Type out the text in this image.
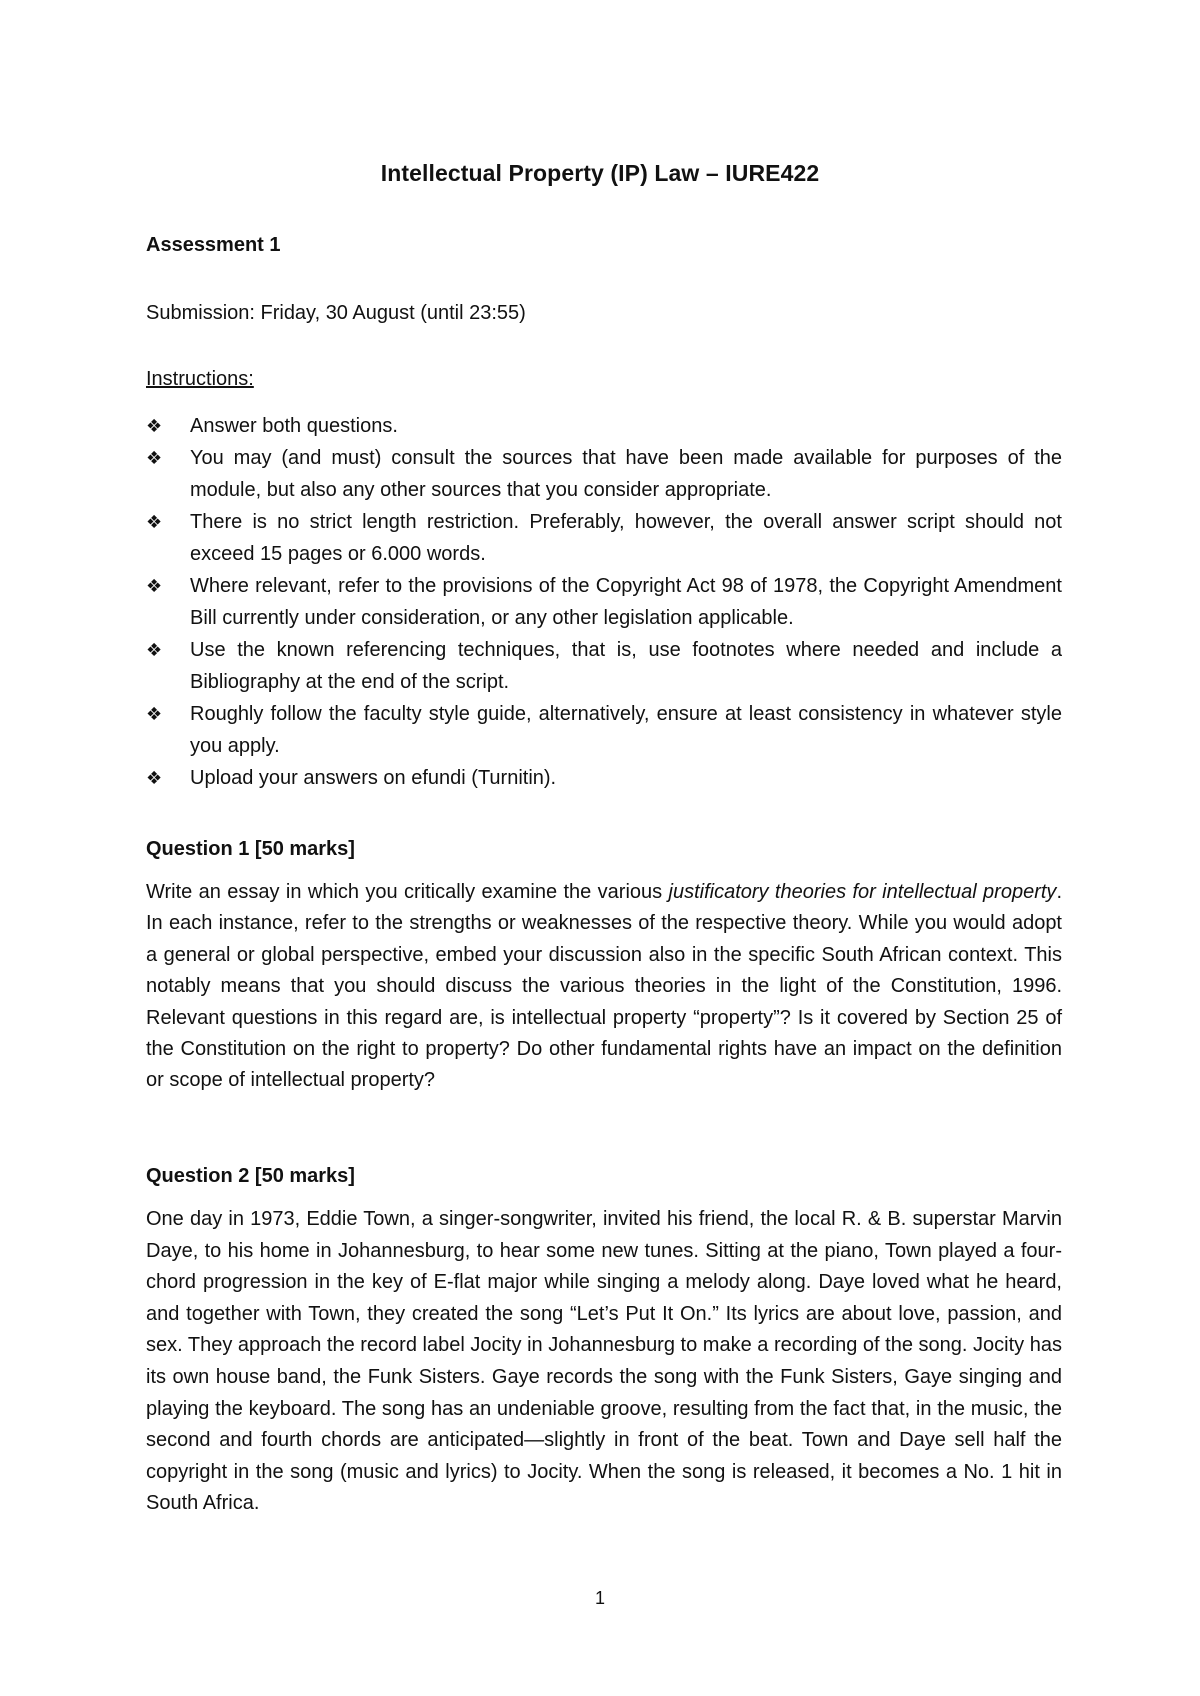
Intellectual Property (IP) Law – IURE422

Assessment 1

Submission: Friday, 30 August (until 23:55)
Instructions:
❖ Answer both questions.
❖ You may (and must) consult the sources that have been made available for purposes of the module, but also any other sources that you consider appropriate.
❖ There is no strict length restriction. Preferably, however, the overall answer script should not exceed 15 pages or 6.000 words.
❖ Where relevant, refer to the provisions of the Copyright Act 98 of 1978, the Copyright Amendment Bill currently under consideration, or any other legislation applicable.
❖ Use the known referencing techniques, that is, use footnotes where needed and include a Bibliography at the end of the script.
❖ Roughly follow the faculty style guide, alternatively, ensure at least consistency in whatever style you apply.
❖ Upload your answers on efundi (Turnitin).

Question 1 [50 marks]

Write an essay in which you critically examine the various justificatory theories for intellectual property. In each instance, refer to the strengths or weaknesses of the respective theory. While you would adopt a general or global perspective, embed your discussion also in the specific South African context. This notably means that you should discuss the various theories in the light of the Constitution, 1996. Relevant questions in this regard are, is intellectual property “property”? Is it covered by Section 25 of the Constitution on the right to property? Do other fundamental rights have an impact on the definition or scope of intellectual property?

Question 2 [50 marks]

One day in 1973, Eddie Town, a singer-songwriter, invited his friend, the local R. & B. superstar Marvin Daye, to his home in Johannesburg, to hear some new tunes. Sitting at the piano, Town played a four-chord progression in the key of E-flat major while singing a melody along. Daye loved what he heard, and together with Town, they created the song “Let’s Put It On.” Its lyrics are about love, passion, and sex. They approach the record label Jocity in Johannesburg to make a recording of the song. Jocity has its own house band, the Funk Sisters. Gaye records the song with the Funk Sisters, Gaye singing and playing the keyboard. The song has an undeniable groove, resulting from the fact that, in the music, the second and fourth chords are anticipated—slightly in front of the beat. Town and Daye sell half the copyright in the song (music and lyrics) to Jocity. When the song is released, it becomes a No. 1 hit in South Africa.

1
